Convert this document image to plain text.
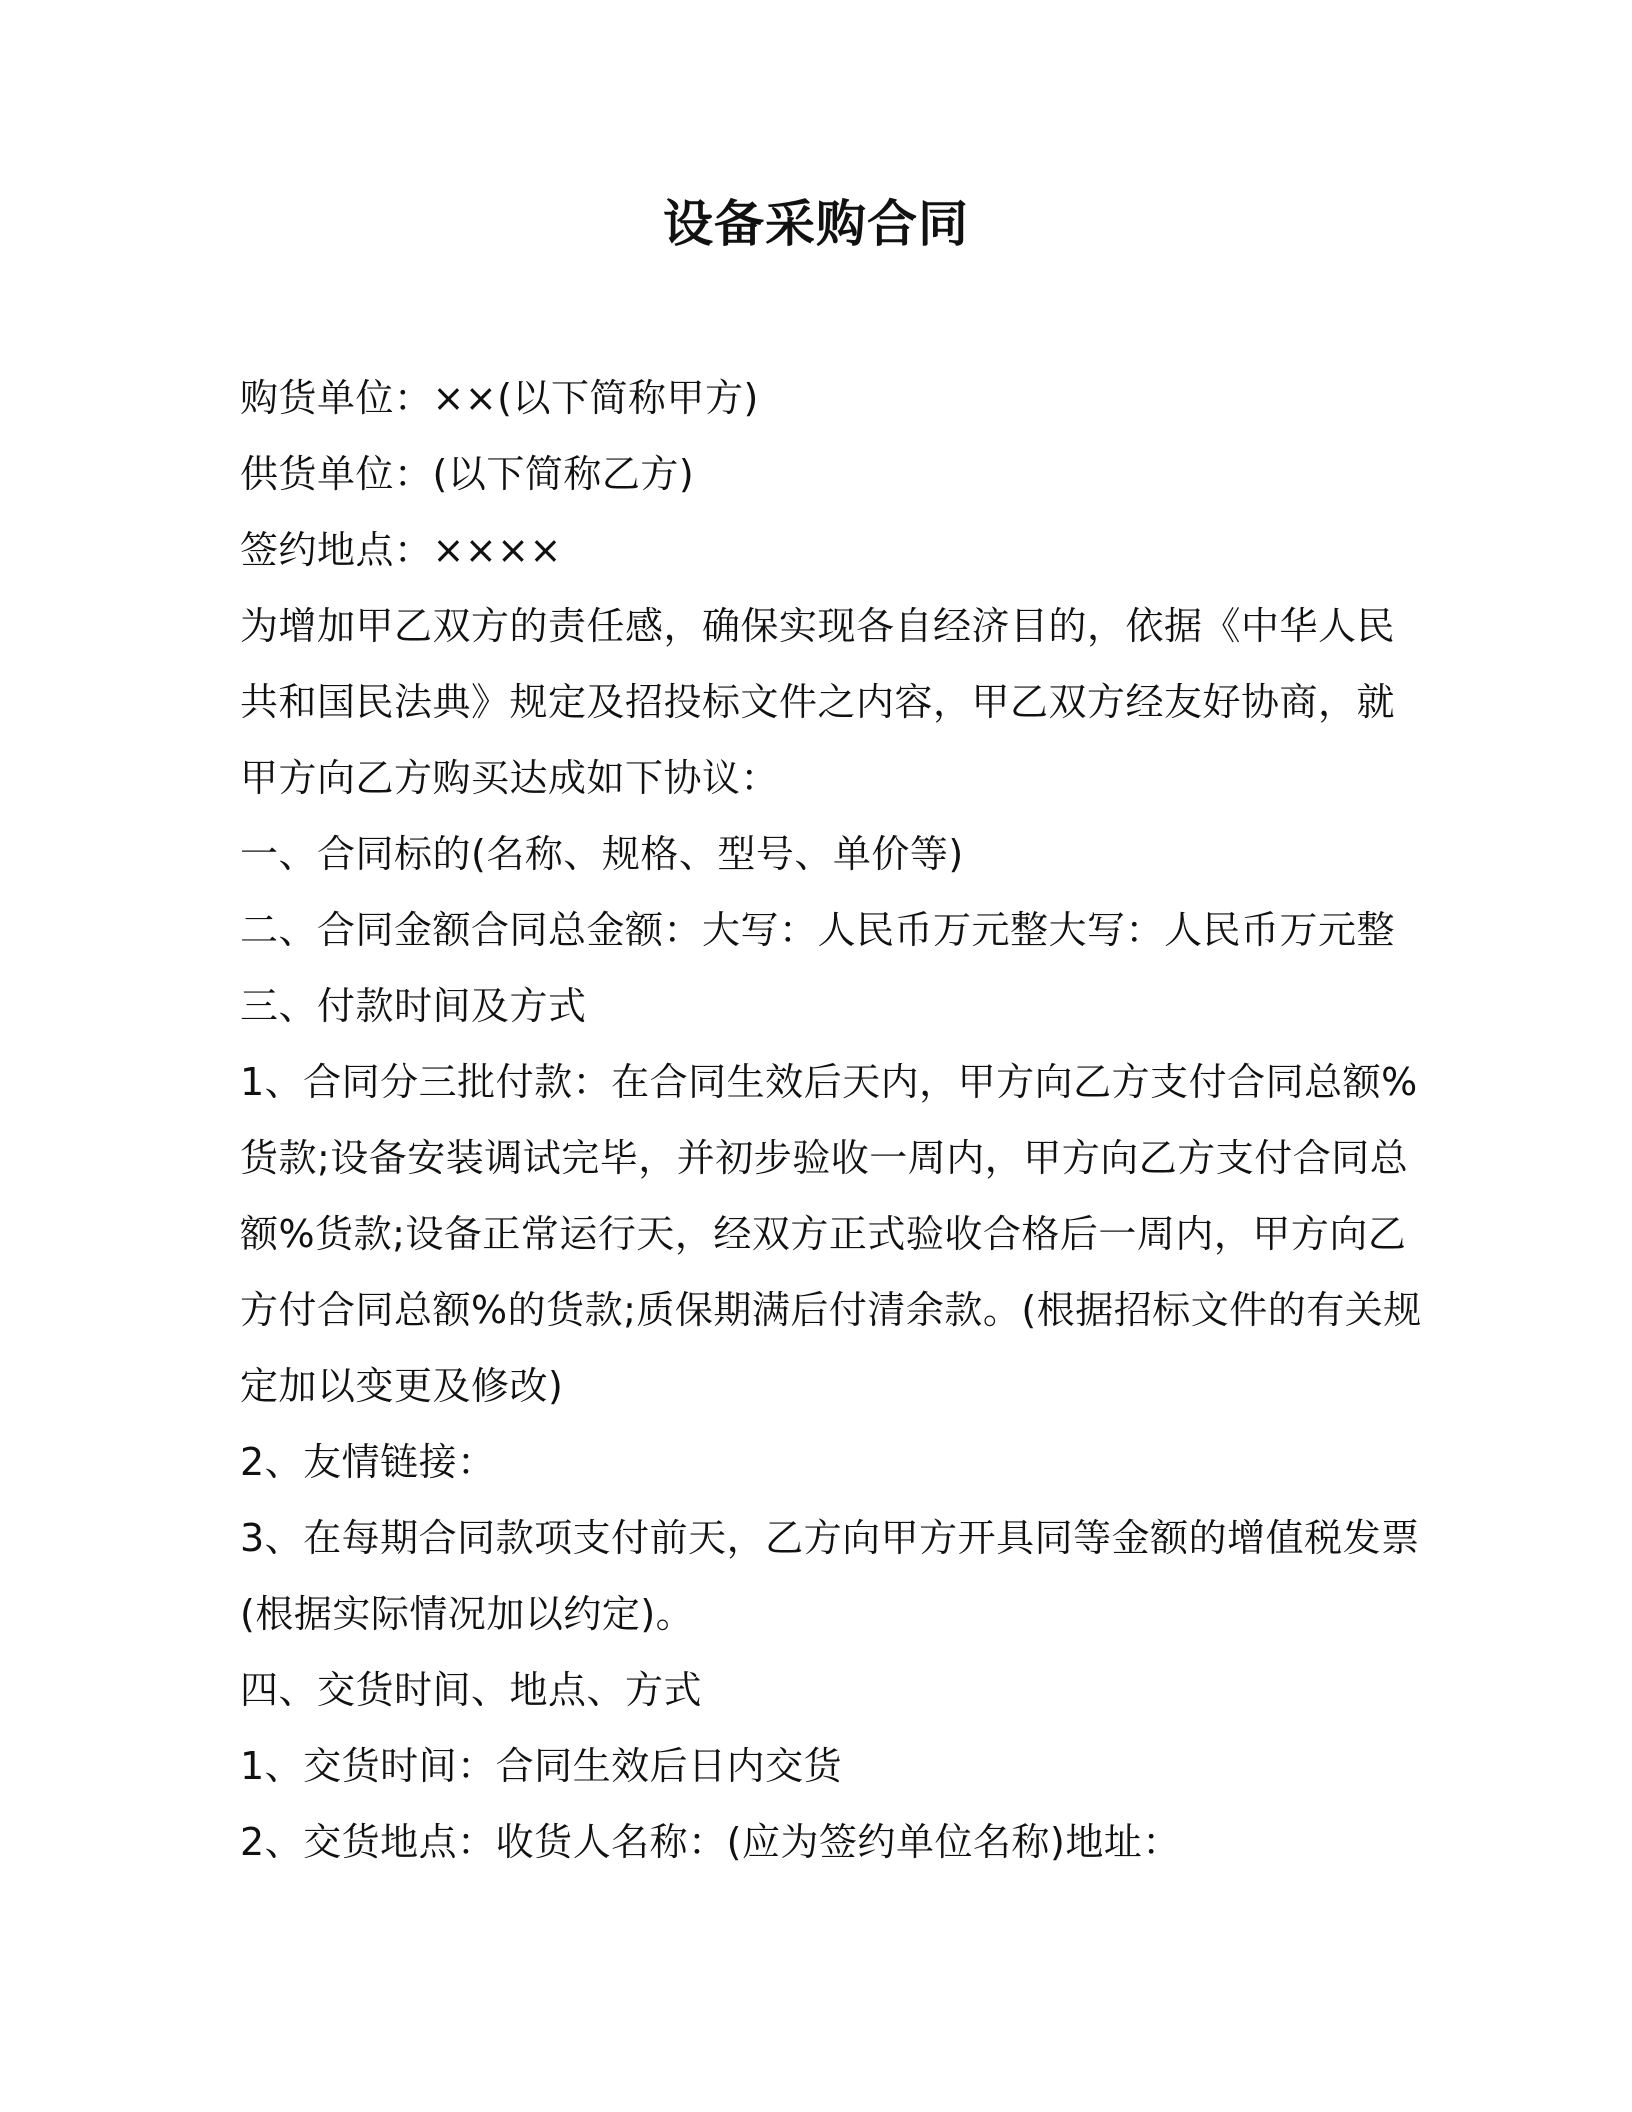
设备采购合同
购货单位：××(以下简称甲方)
供货单位：(以下简称乙方)
签约地点：××××
为增加甲乙双方的责任感，确保实现各自经济目的，依据《中华人民
共和国民法典》规定及招投标文件之内容，甲乙双方经友好协商，就
甲方向乙方购买达成如下协议：
一、合同标的(名称、规格、型号、单价等)
二、合同金额合同总金额：大写：人民币万元整大写：人民币万元整
三、付款时间及方式
1、合同分三批付款：在合同生效后天内，甲方向乙方支付合同总额%
货款;设备安装调试完毕，并初步验收一周内，甲方向乙方支付合同总
额%货款;设备正常运行天，经双方正式验收合格后一周内，甲方向乙
方付合同总额%的货款;质保期满后付清余款。(根据招标文件的有关规
定加以变更及修改)
2、友情链接：
3、在每期合同款项支付前天，乙方向甲方开具同等金额的增值税发票
(根据实际情况加以约定)。
四、交货时间、地点、方式
1、交货时间：合同生效后日内交货
2、交货地点：收货人名称：(应为签约单位名称)地址：
